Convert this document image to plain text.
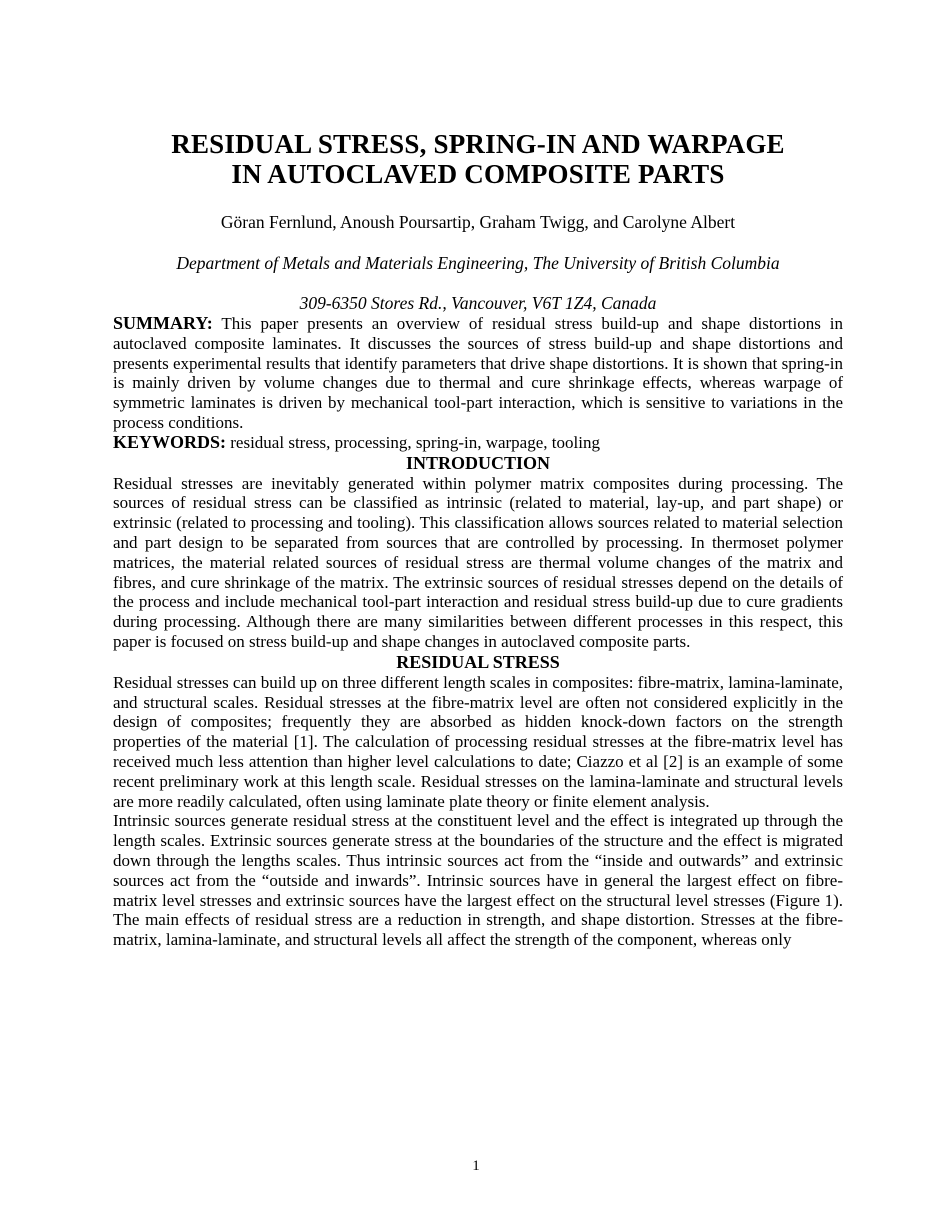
RESIDUAL STRESS, SPRING-IN AND WARPAGE
IN AUTOCLAVED COMPOSITE PARTS
Göran Fernlund, Anoush Poursartip, Graham Twigg, and Carolyne Albert
Department of Metals and Materials Engineering, The University of British Columbia
309-6350 Stores Rd., Vancouver, V6T 1Z4, Canada

SUMMARY: This paper presents an overview of residual stress build-up and shape distortions in autoclaved composite laminates. It discusses the sources of stress build-up and shape distortions and presents experimental results that identify parameters that drive shape distortions. It is shown that spring-in is mainly driven by volume changes due to thermal and cure shrinkage effects, whereas warpage of symmetric laminates is driven by mechanical tool-part interaction, which is sensitive to variations in the process conditions.

KEYWORDS: residual stress, processing, spring-in, warpage, tooling

INTRODUCTION

Residual stresses are inevitably generated within polymer matrix composites during processing. The sources of residual stress can be classified as intrinsic (related to material, lay-up, and part shape) or extrinsic (related to processing and tooling). This classification allows sources related to material selection and part design to be separated from sources that are controlled by processing. In thermoset polymer matrices, the material related sources of residual stress are thermal volume changes of the matrix and fibres, and cure shrinkage of the matrix. The extrinsic sources of residual stresses depend on the details of the process and include mechanical tool-part interaction and residual stress build-up due to cure gradients during processing. Although there are many similarities between different processes in this respect, this paper is focused on stress build-up and shape changes in autoclaved composite parts.

RESIDUAL STRESS

Residual stresses can build up on three different length scales in composites: fibre-matrix, lamina-laminate, and structural scales. Residual stresses at the fibre-matrix level are often not considered explicitly in the design of composites; frequently they are absorbed as hidden knock-down factors on the strength properties of the material [1]. The calculation of processing residual stresses at the fibre-matrix level has received much less attention than higher level calculations to date; Ciazzo et al [2] is an example of some recent preliminary work at this length scale. Residual stresses on the lamina-laminate and structural levels are more readily calculated, often using laminate plate theory or finite element analysis.

Intrinsic sources generate residual stress at the constituent level and the effect is integrated up through the length scales. Extrinsic sources generate stress at the boundaries of the structure and the effect is migrated down through the lengths scales. Thus intrinsic sources act from the “inside and outwards” and extrinsic sources act from the “outside and inwards”. Intrinsic sources have in general the largest effect on fibre-matrix level stresses and extrinsic sources have the largest effect on the structural level stresses (Figure 1). The main effects of residual stress are a reduction in strength, and shape distortion. Stresses at the fibre-matrix, lamina-laminate, and structural levels all affect the strength of the component, whereas only

1
